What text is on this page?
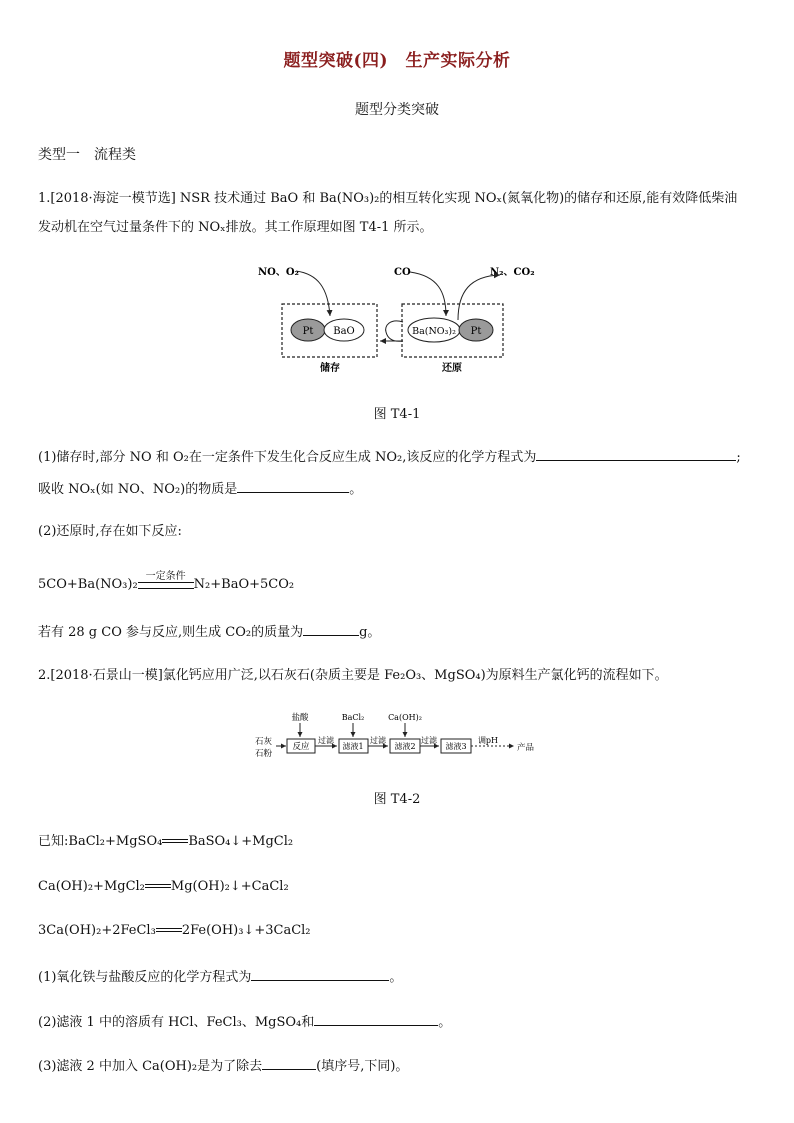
题型突破(四)　生产实际分析
题型分类突破
类型一　流程类
1.[2018·海淀一模节选] NSR 技术通过 BaO 和 Ba(NO₃)₂的相互转化实现 NOₓ(氮氧化物)的储存和还原,能有效降低柴油
发动机在空气过量条件下的 NOₓ排放。其工作原理如图 T4-1 所示。
NO、O₂	CO	N₂、CO₂
Pt BaO	Ba(NO₃)₂ Pt
储存	还原
图 T4-1
(1)储存时,部分 NO 和 O₂在一定条件下发生化合反应生成 NO₂,该反应的化学方程式为	;
吸收 NOₓ(如 NO、NO₂)的物质是	。
(2)还原时,存在如下反应:
5CO+Ba(NO₃)₂
一定条件
N₂+BaO+5CO₂
若有 28 g CO 参与反应,则生成 CO₂的质量为	g。
2.[2018·石景山一模]氯化钙应用广泛,以石灰石(杂质主要是 Fe₂O₃、MgSO₄)为原料生产氯化钙的流程如下。
石灰
石粉
盐酸
反应
过滤
BaCl₂
滤液1
过滤
Ca(OH)₂
滤液2
过滤
滤液3
调pH
产品
图 T4-2
已知:BaCl₂+MgSO₄ BaSO₄↓+MgCl₂
Ca(OH)₂+MgCl₂ Mg(OH)₂↓+CaCl₂
3Ca(OH)₂+2FeCl₃ 2Fe(OH)₃↓+3CaCl₂
(1)氧化铁与盐酸反应的化学方程式为	。
(2)滤液 1 中的溶质有 HCl、FeCl₃、MgSO₄和	。
(3)滤液 2 中加入 Ca(OH)₂是为了除去	(填序号,下同)。
